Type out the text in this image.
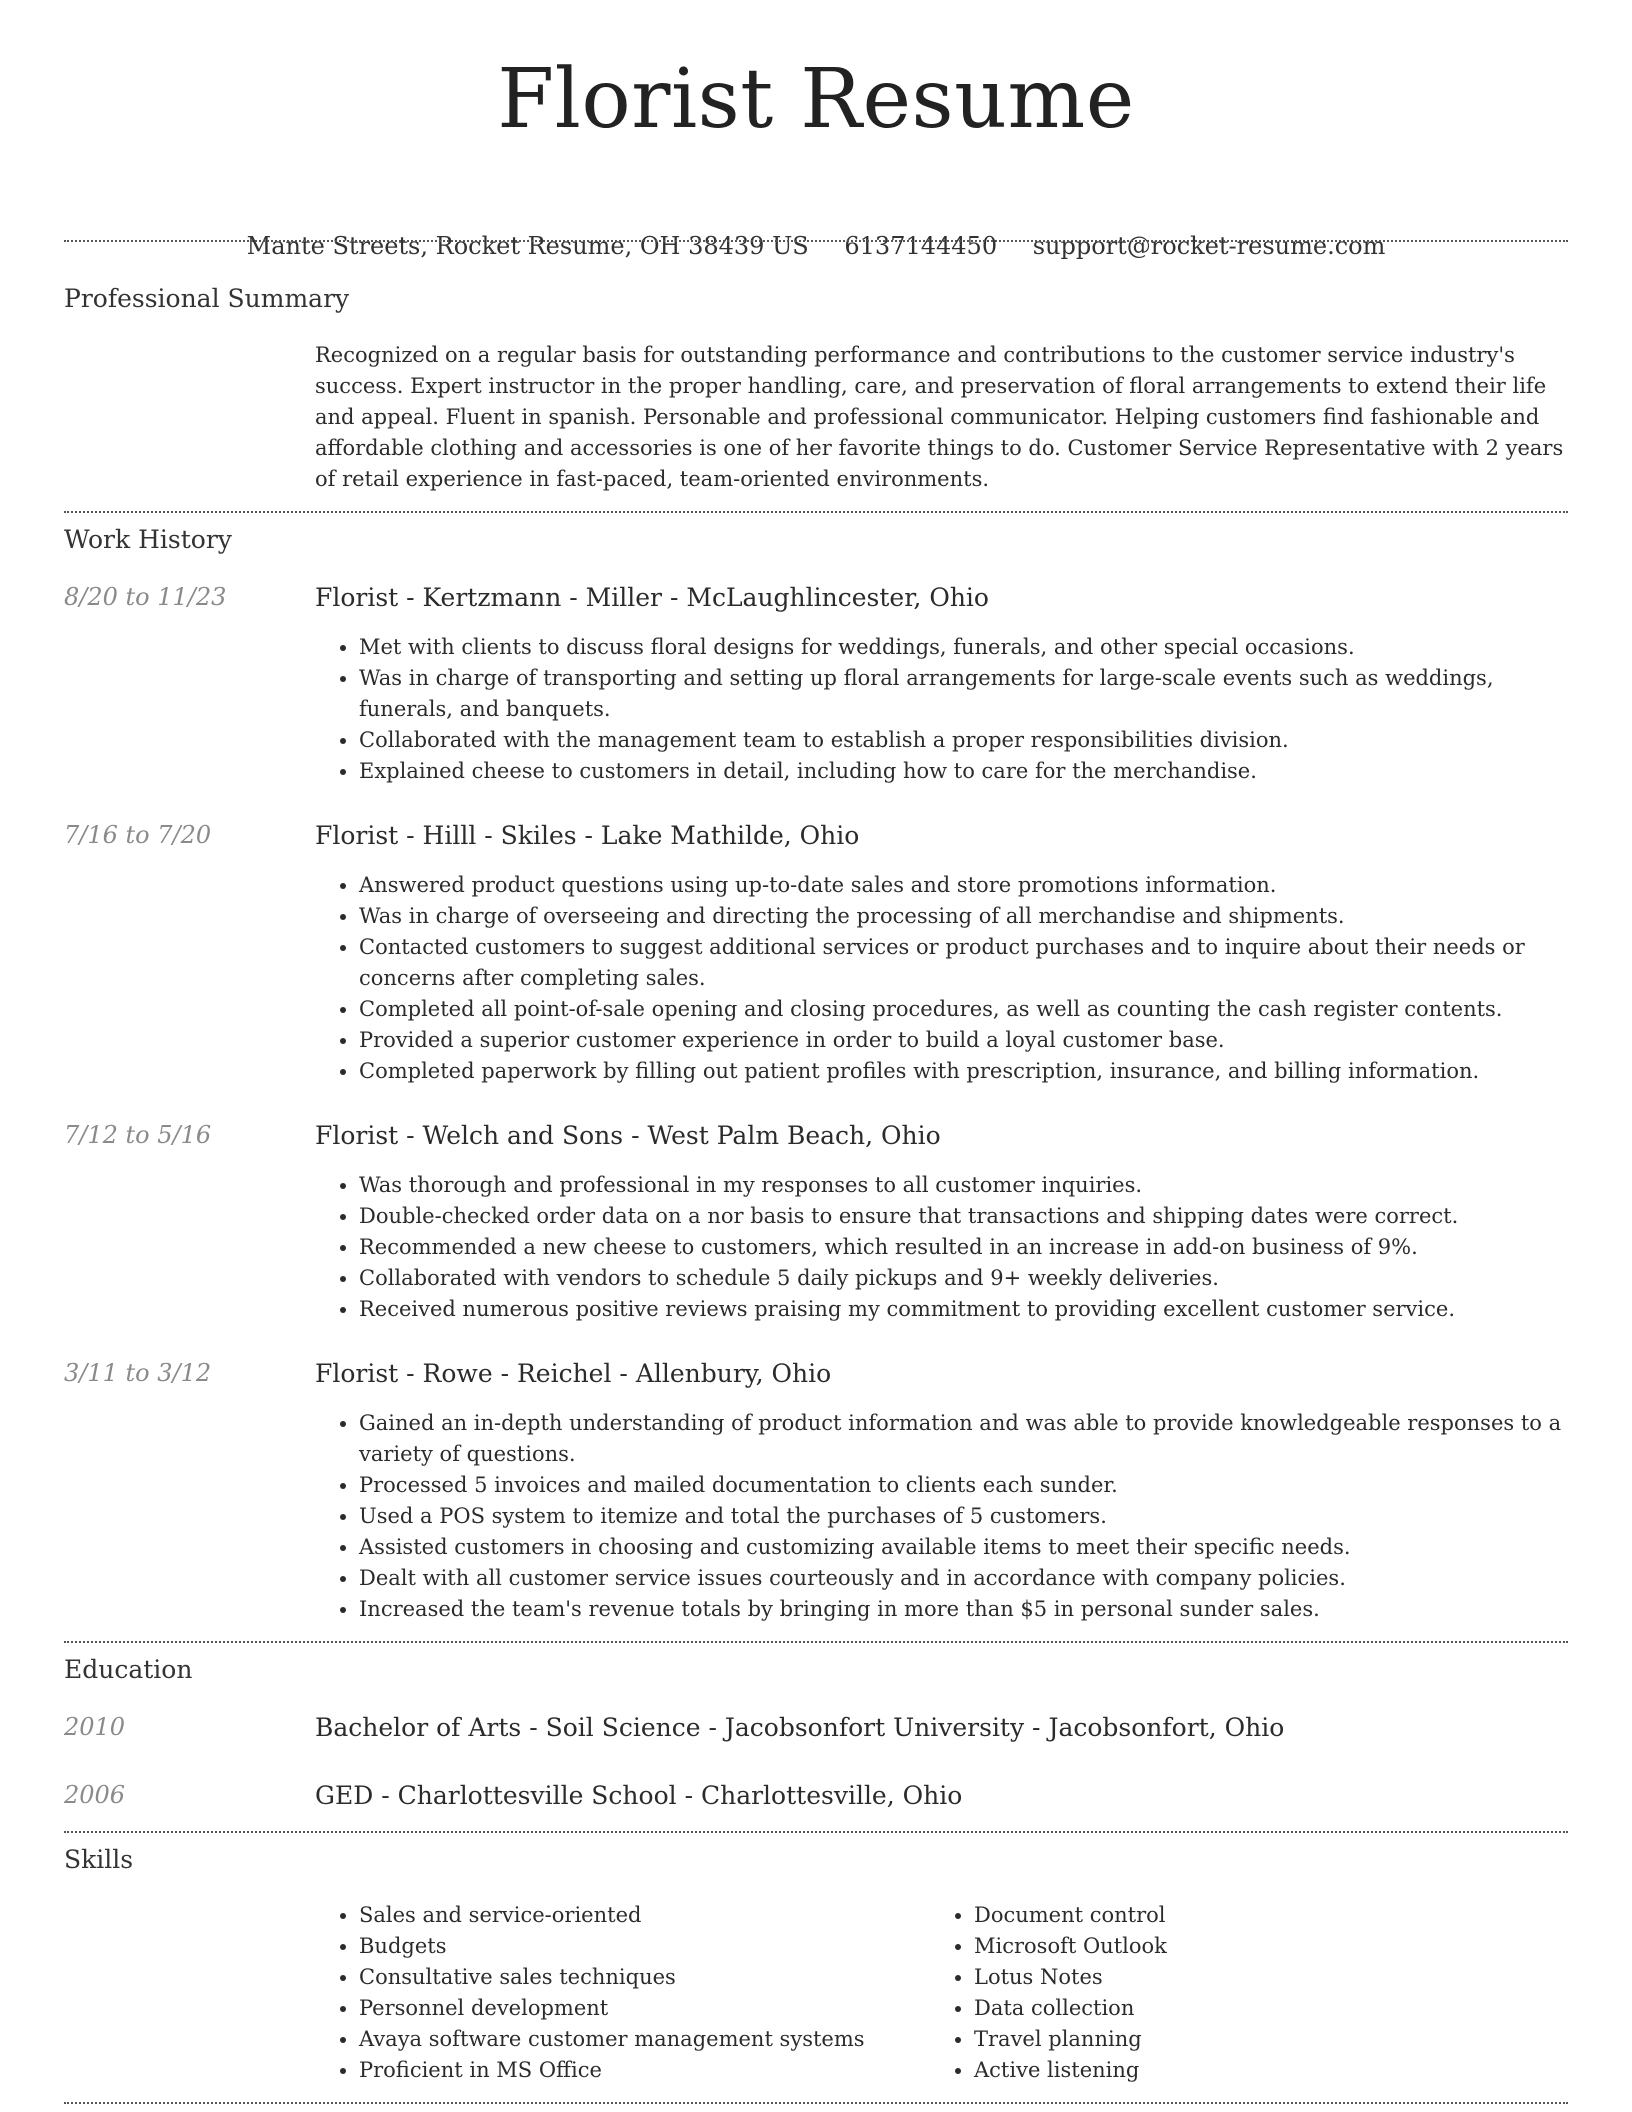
Florist Resume
Mante Streets, Rocket Resume, OH 38439 US 6137144450 support@rocket-resume.com
Professional Summary
Recognized on a regular basis for outstanding performance and contributions to the customer service industry's success. Expert instructor in the proper handling, care, and preservation of floral arrangements to extend their life and appeal. Fluent in spanish. Personable and professional communicator. Helping customers find fashionable and affordable clothing and accessories is one of her favorite things to do. Customer Service Representative with 2 years of retail experience in fast-paced, team-oriented environments.
Work History
8/20 to 11/23	Florist - Kertzmann - Miller - McLaughlincester, Ohio
• Met with clients to discuss floral designs for weddings, funerals, and other special occasions.
• Was in charge of transporting and setting up floral arrangements for large-scale events such as weddings, funerals, and banquets.
• Collaborated with the management team to establish a proper responsibilities division.
• Explained cheese to customers in detail, including how to care for the merchandise.
7/16 to 7/20	Florist - Hilll - Skiles - Lake Mathilde, Ohio
• Answered product questions using up-to-date sales and store promotions information.
• Was in charge of overseeing and directing the processing of all merchandise and shipments.
• Contacted customers to suggest additional services or product purchases and to inquire about their needs or concerns after completing sales.
• Completed all point-of-sale opening and closing procedures, as well as counting the cash register contents.
• Provided a superior customer experience in order to build a loyal customer base.
• Completed paperwork by filling out patient profiles with prescription, insurance, and billing information.
7/12 to 5/16	Florist - Welch and Sons - West Palm Beach, Ohio
• Was thorough and professional in my responses to all customer inquiries.
• Double-checked order data on a nor basis to ensure that transactions and shipping dates were correct.
• Recommended a new cheese to customers, which resulted in an increase in add-on business of 9%.
• Collaborated with vendors to schedule 5 daily pickups and 9+ weekly deliveries.
• Received numerous positive reviews praising my commitment to providing excellent customer service.
3/11 to 3/12	Florist - Rowe - Reichel - Allenbury, Ohio
• Gained an in-depth understanding of product information and was able to provide knowledgeable responses to a variety of questions.
• Processed 5 invoices and mailed documentation to clients each sunder.
• Used a POS system to itemize and total the purchases of 5 customers.
• Assisted customers in choosing and customizing available items to meet their specific needs.
• Dealt with all customer service issues courteously and in accordance with company policies.
• Increased the team's revenue totals by bringing in more than $5 in personal sunder sales.
Education
2010	Bachelor of Arts - Soil Science - Jacobsonfort University - Jacobsonfort, Ohio
2006	GED - Charlottesville School - Charlottesville, Ohio
Skills
• Sales and service-oriented
• Budgets
• Consultative sales techniques
• Personnel development
• Avaya software customer management systems
• Proficient in MS Office
• Document control
• Microsoft Outlook
• Lotus Notes
• Data collection
• Travel planning
• Active listening
